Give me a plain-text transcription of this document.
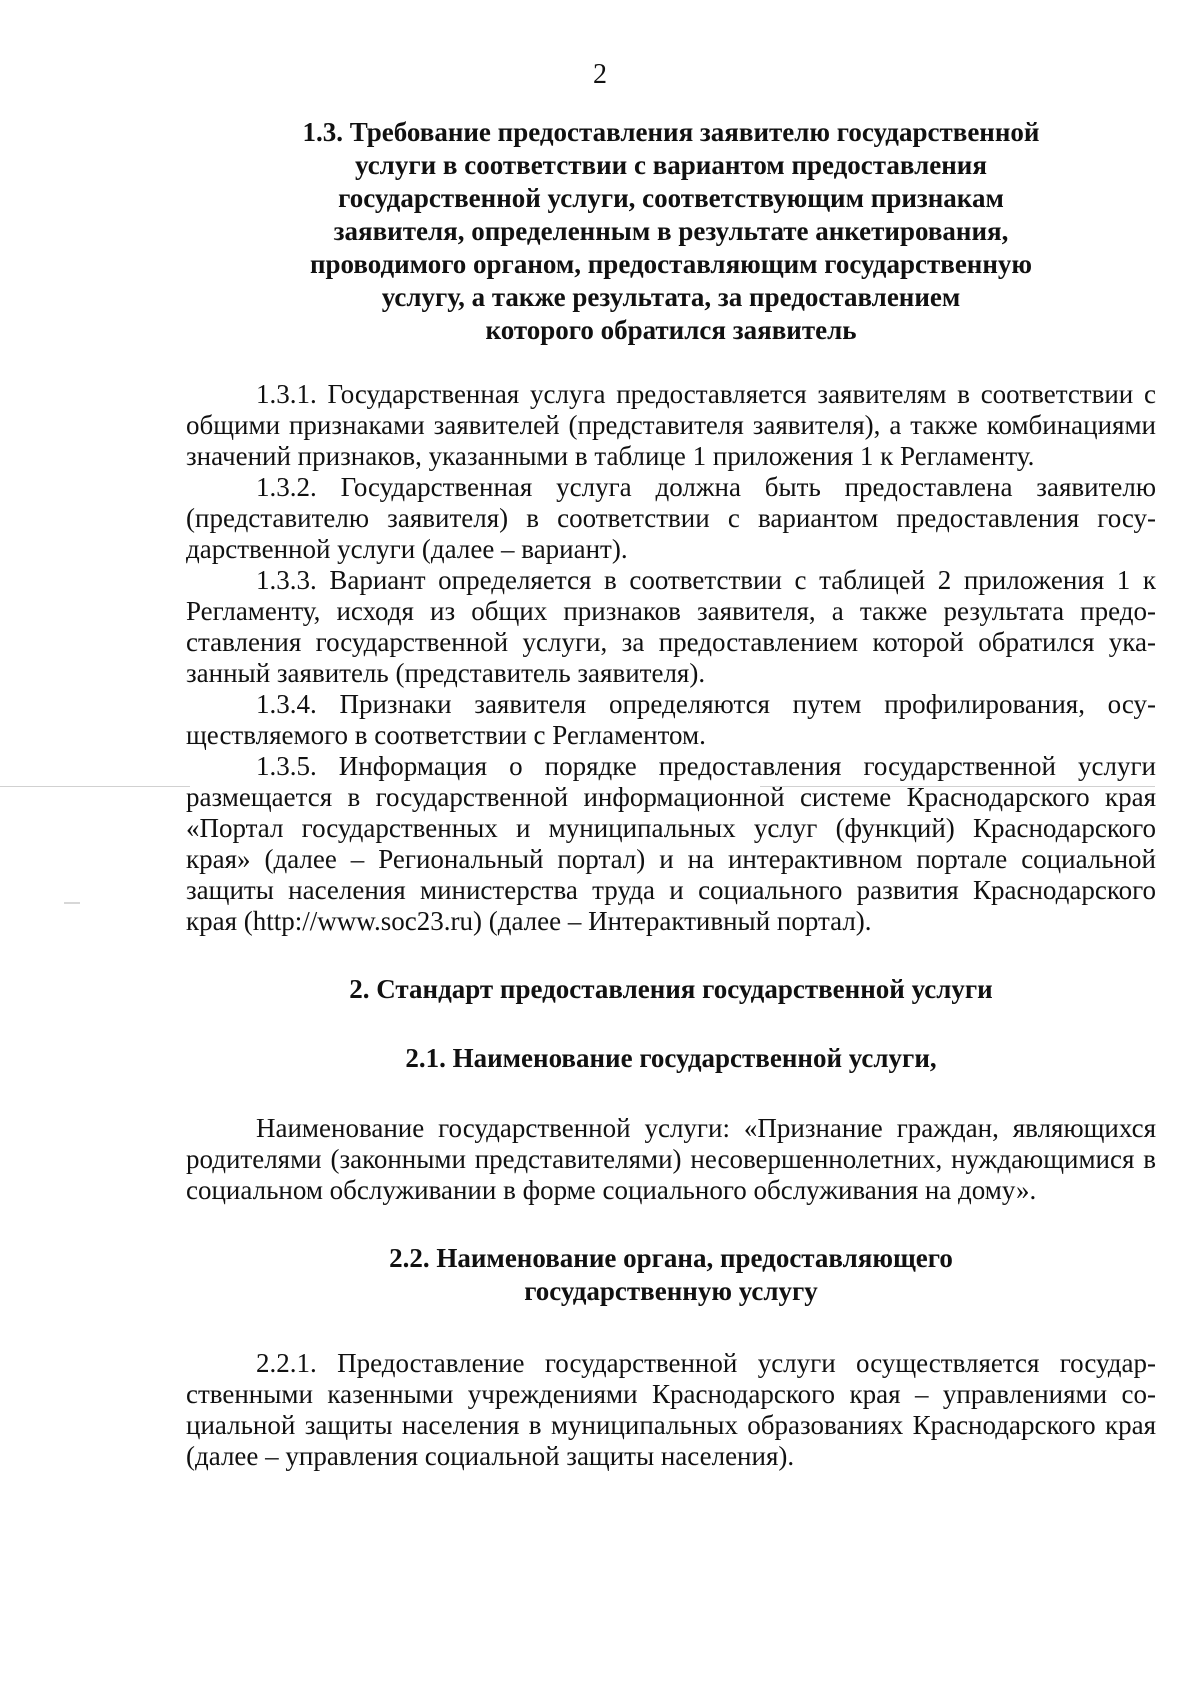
2
1.3. Требование предоставления заявителю государственной
услуги в соответствии с вариантом предоставления
государственной услуги, соответствующим признакам
заявителя, определенным в результате анкетирования,
проводимого органом, предоставляющим государственную
услугу, а также результата, за предоставлением
которого обратился заявитель

1.3.1. Государственная услуга предоставляется заявителям в соответствии с общими признаками заявителей (представителя заявителя), а также комбинациями значений признаков, указанными в таблице 1 приложения 1 к Регламенту.

1.3.2. Государственная услуга должна быть предоставлена заявителю (представителю заявителя) в соответствии с вариантом предоставления государственной услуги (далее – вариант).

1.3.3. Вариант определяется в соответствии с таблицей 2 приложения 1 к Регламенту, исходя из общих признаков заявителя, а также результата предоставления государственной услуги, за предоставлением которой обратился указанный заявитель (представитель заявителя).

1.3.4. Признаки заявителя определяются путем профилирования, осуществляемого в соответствии с Регламентом.

1.3.5. Информация о порядке предоставления государственной услуги размещается в государственной информационной системе Краснодарского края «Портал государственных и муниципальных услуг (функций) Краснодарского края» (далее – Региональный портал) и на интерактивном портале социальной защиты населения министерства труда и социального развития Краснодарского края (http://www.soc23.ru) (далее – Интерактивный портал).

2. Стандарт предоставления государственной услуги
2.1. Наименование государственной услуги,

Наименование государственной услуги: «Признание граждан, являющихся родителями (законными представителями) несовершеннолетних, нуждающимися в социальном обслуживании в форме социального обслуживания на дому».

2.2. Наименование органа, предоставляющего
государственную услугу

2.2.1. Предоставление государственной услуги осуществляется государственными казенными учреждениями Краснодарского края – управлениями социальной защиты населения в муниципальных образованиях Краснодарского края (далее – управления социальной защиты населения).
